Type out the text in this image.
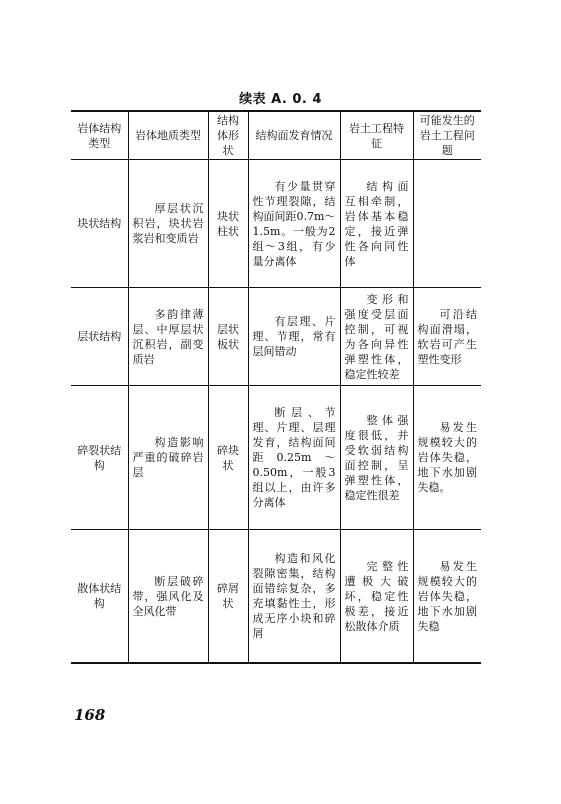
续表 A. 0. 4
岩体结构类型	岩体地质类型	结构体形状	结构面发育情况	岩土工程特征	可能发生的岩土工程问题
块状结构	厚层状沉积岩，块状岩浆岩和变质岩	块状柱状	有少量贯穿性节理裂隙，结构面间距0.7m～1.5m。一般为2组～3组，有少量分离体	结构面互相牵制，岩体基本稳定，接近弹性各向同性体	
层状结构	多韵律薄层、中厚层状沉积岩，副变质岩	层状板状	有层理、片理、节理，常有层间错动	变形和强度受层面控制，可视为各向异性弹塑性体，稳定性较差	可沿结构面滑塌，软岩可产生塑性变形
碎裂状结构	构造影响严重的破碎岩层	碎块状	断层、节理、片理、层理发育，结构面间距0.25m～0.50m，一般3组以上，由许多分离体	整体强度很低，并受软弱结构面控制，呈弹塑性体，稳定性很差	易发生规模较大的岩体失稳，地下水加剧失稳。
散体状结构	断层破碎带，强风化及全风化带	碎屑状	构造和风化裂隙密集，结构面错综复杂，多充填黏性土，形成无序小块和碎屑	完整性遭极大破坏，稳定性极差，接近松散体介质	易发生规模较大的岩体失稳，地下水加剧失稳
168
